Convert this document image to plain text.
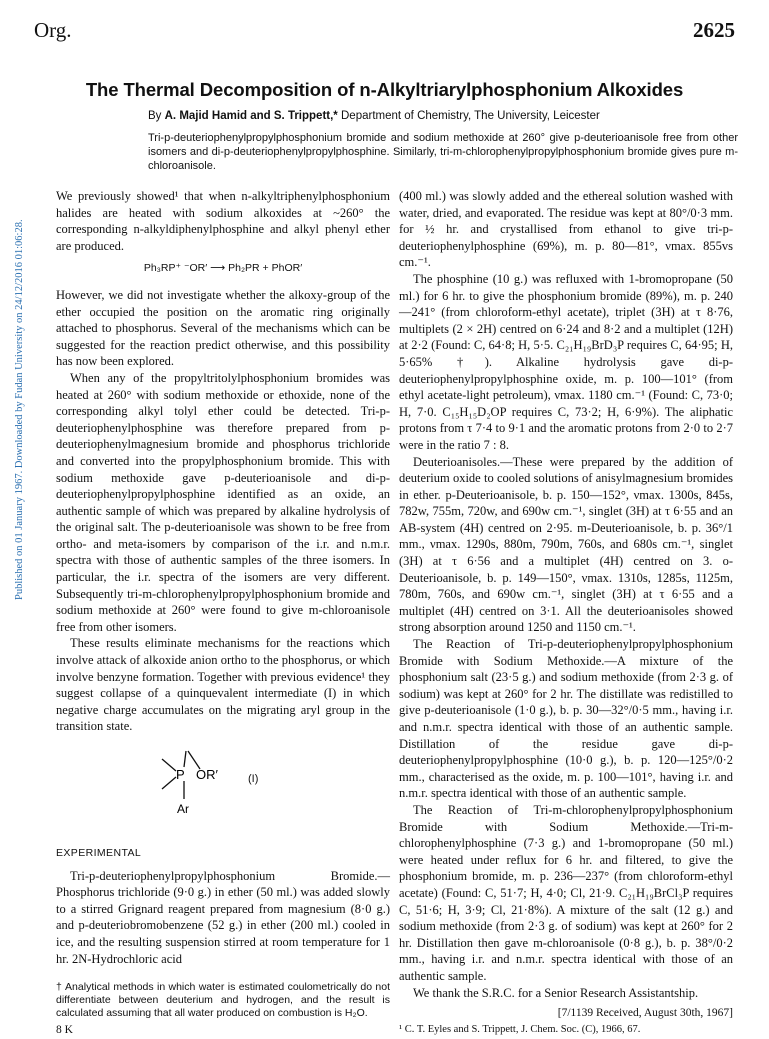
Published on 01 January 1967. Downloaded by Fudan University on 24/12/2016 01:06:28.
Org.	2625
The Thermal Decomposition of n-Alkyltriarylphosphonium Alkoxides
By A. Majid Hamid and S. Trippett,* Department of Chemistry, The University, Leicester
Tri-p-deuteriophenylpropylphosphonium bromide and sodium methoxide at 260° give p-deuterioanisole free from other isomers and di-p-deuteriophenylpropylphosphine. Similarly, tri-m-chlorophenylpropylphosphonium bromide gives pure m-chloroanisole.

We previously showed¹ that when n-alkyltriphenylphosphonium halides are heated with sodium alkoxides at ~260° the corresponding n-alkyldiphenylphosphine and alkyl phenyl ether are produced.

Ph₃RP⁺ ⁻OR′ ⟶ Ph₂PR + PhOR′

However, we did not investigate whether the alkoxy-group of the ether occupied the position on the aromatic ring originally attached to phosphorus. Several of the mechanisms which can be suggested for the reaction predict otherwise, and this possibility has now been explored.

When any of the propyltritolylphosphonium bromides was heated at 260° with sodium methoxide or ethoxide, none of the corresponding alkyl tolyl ether could be detected. Tri-p-deuteriophenylphosphine was therefore prepared from p-deuteriophenylmagnesium bromide and phosphorus trichloride and converted into the propylphosphonium bromide. This with sodium methoxide gave p-deuterioanisole and di-p-deuteriophenylpropylphosphine identified as an oxide, an authentic sample of which was prepared by alkaline hydrolysis of the original salt. The p-deuterioanisole was shown to be free from ortho- and meta-isomers by comparison of the i.r. and n.m.r. spectra with those of authentic samples of the three isomers. In particular, the i.r. spectra of the isomers are very different. Subsequently tri-m-chlorophenylpropylphosphonium bromide and sodium methoxide at 260° were found to give m-chloroanisole free from other isomers.

These results eliminate mechanisms for the reactions which involve attack of alkoxide anion ortho to the phosphorus, or which involve benzyne formation. Together with previous evidence¹ they suggest collapse of a quinquevalent intermediate (I) in which negative charge accumulates on the migrating aryl group in the transition state.

P OR′
Ar
(I)
EXPERIMENTAL

Tri-p-deuteriophenylpropylphosphonium Bromide.—Phosphorus trichloride (9·0 g.) in ether (50 ml.) was added slowly to a stirred Grignard reagent prepared from magnesium (8·0 g.) and p-deuteriobromobenzene (52 g.) in ether (200 ml.) cooled in ice, and the resulting suspension stirred at room temperature for 1 hr. 2N-Hydrochloric acid

† Analytical methods in which water is estimated coulometrically do not differentiate between deuterium and hydrogen, and the result is calculated assuming that all water produced on combustion is H₂O.

8 K

(400 ml.) was slowly added and the ethereal solution washed with water, dried, and evaporated. The residue was kept at 80°/0·3 mm. for ½ hr. and crystallised from ethanol to give tri-p-deuteriophenylphosphine (69%), m. p. 80—81°, νmax. 855vs cm.⁻¹.

The phosphine (10 g.) was refluxed with 1-bromopropane (50 ml.) for 6 hr. to give the phosphonium bromide (89%), m. p. 240—241° (from chloroform-ethyl acetate), triplet (3H) at τ 8·76, multiplets (2 × 2H) centred on 6·24 and 8·2 and a multiplet (12H) at 2·2 (Found: C, 64·8; H, 5·5. C₂₁H₁₉BrD₃P requires C, 64·95; H, 5·65% †). Alkaline hydrolysis gave di-p-deuteriophenylpropylphosphine oxide, m. p. 100—101° (from ethyl acetate-light petroleum), νmax. 1180 cm.⁻¹ (Found: C, 73·0; H, 7·0. C₁₅H₁₅D₂OP requires C, 73·2; H, 6·9%). The aliphatic protons from τ 7·4 to 9·1 and the aromatic protons from 2·0 to 2·7 were in the ratio 7 : 8.

Deuterioanisoles.—These were prepared by the addition of deuterium oxide to cooled solutions of anisylmagnesium bromides in ether. p-Deuterioanisole, b. p. 150—152°, νmax. 1300s, 845s, 782w, 755m, 720w, and 690w cm.⁻¹, singlet (3H) at τ 6·55 and an AB-system (4H) centred on 2·95. m-Deuterioanisole, b. p. 36°/1 mm., νmax. 1290s, 880m, 790m, 760s, and 680s cm.⁻¹, singlet (3H) at τ 6·56 and a multiplet (4H) centred on 3. o-Deuterioanisole, b. p. 149—150°, νmax. 1310s, 1285s, 1125m, 780m, 760s, and 690w cm.⁻¹, singlet (3H) at τ 6·55 and a multiplet (4H) centred on 3·1. All the deuterioanisoles showed strong absorption around 1250 and 1150 cm.⁻¹.

The Reaction of Tri-p-deuteriophenylpropylphosphonium Bromide with Sodium Methoxide.—A mixture of the phosphonium salt (23·5 g.) and sodium methoxide (from 2·3 g. of sodium) was kept at 260° for 2 hr. The distillate was redistilled to give p-deuterioanisole (1·0 g.), b. p. 30—32°/0·5 mm., having i.r. and n.m.r. spectra identical with those of an authentic sample. Distillation of the residue gave di-p-deuteriophenylpropylphosphine (10·0 g.), b. p. 120—125°/0·2 mm., characterised as the oxide, m. p. 100—101°, having i.r. and n.m.r. spectra identical with those of an authentic sample.

The Reaction of Tri-m-chlorophenylpropylphosphonium Bromide with Sodium Methoxide.—Tri-m-chlorophenylphosphine (7·3 g.) and 1-bromopropane (50 ml.) were heated under reflux for 6 hr. and filtered, to give the phosphonium bromide, m. p. 236—237° (from chloroform-ethyl acetate) (Found: C, 51·7; H, 4·0; Cl, 21·9. C₂₁H₁₉BrCl₃P requires C, 51·6; H, 3·9; Cl, 21·8%). A mixture of the salt (12 g.) and sodium methoxide (from 2·3 g. of sodium) was kept at 260° for 2 hr. Distillation then gave m-chloroanisole (0·8 g.), b. p. 38°/0·2 mm., having i.r. and n.m.r. spectra identical with those of an authentic sample.

We thank the S.R.C. for a Senior Research Assistantship.

[7/1139 Received, August 30th, 1967]

¹ C. T. Eyles and S. Trippett, J. Chem. Soc. (C), 1966, 67.
